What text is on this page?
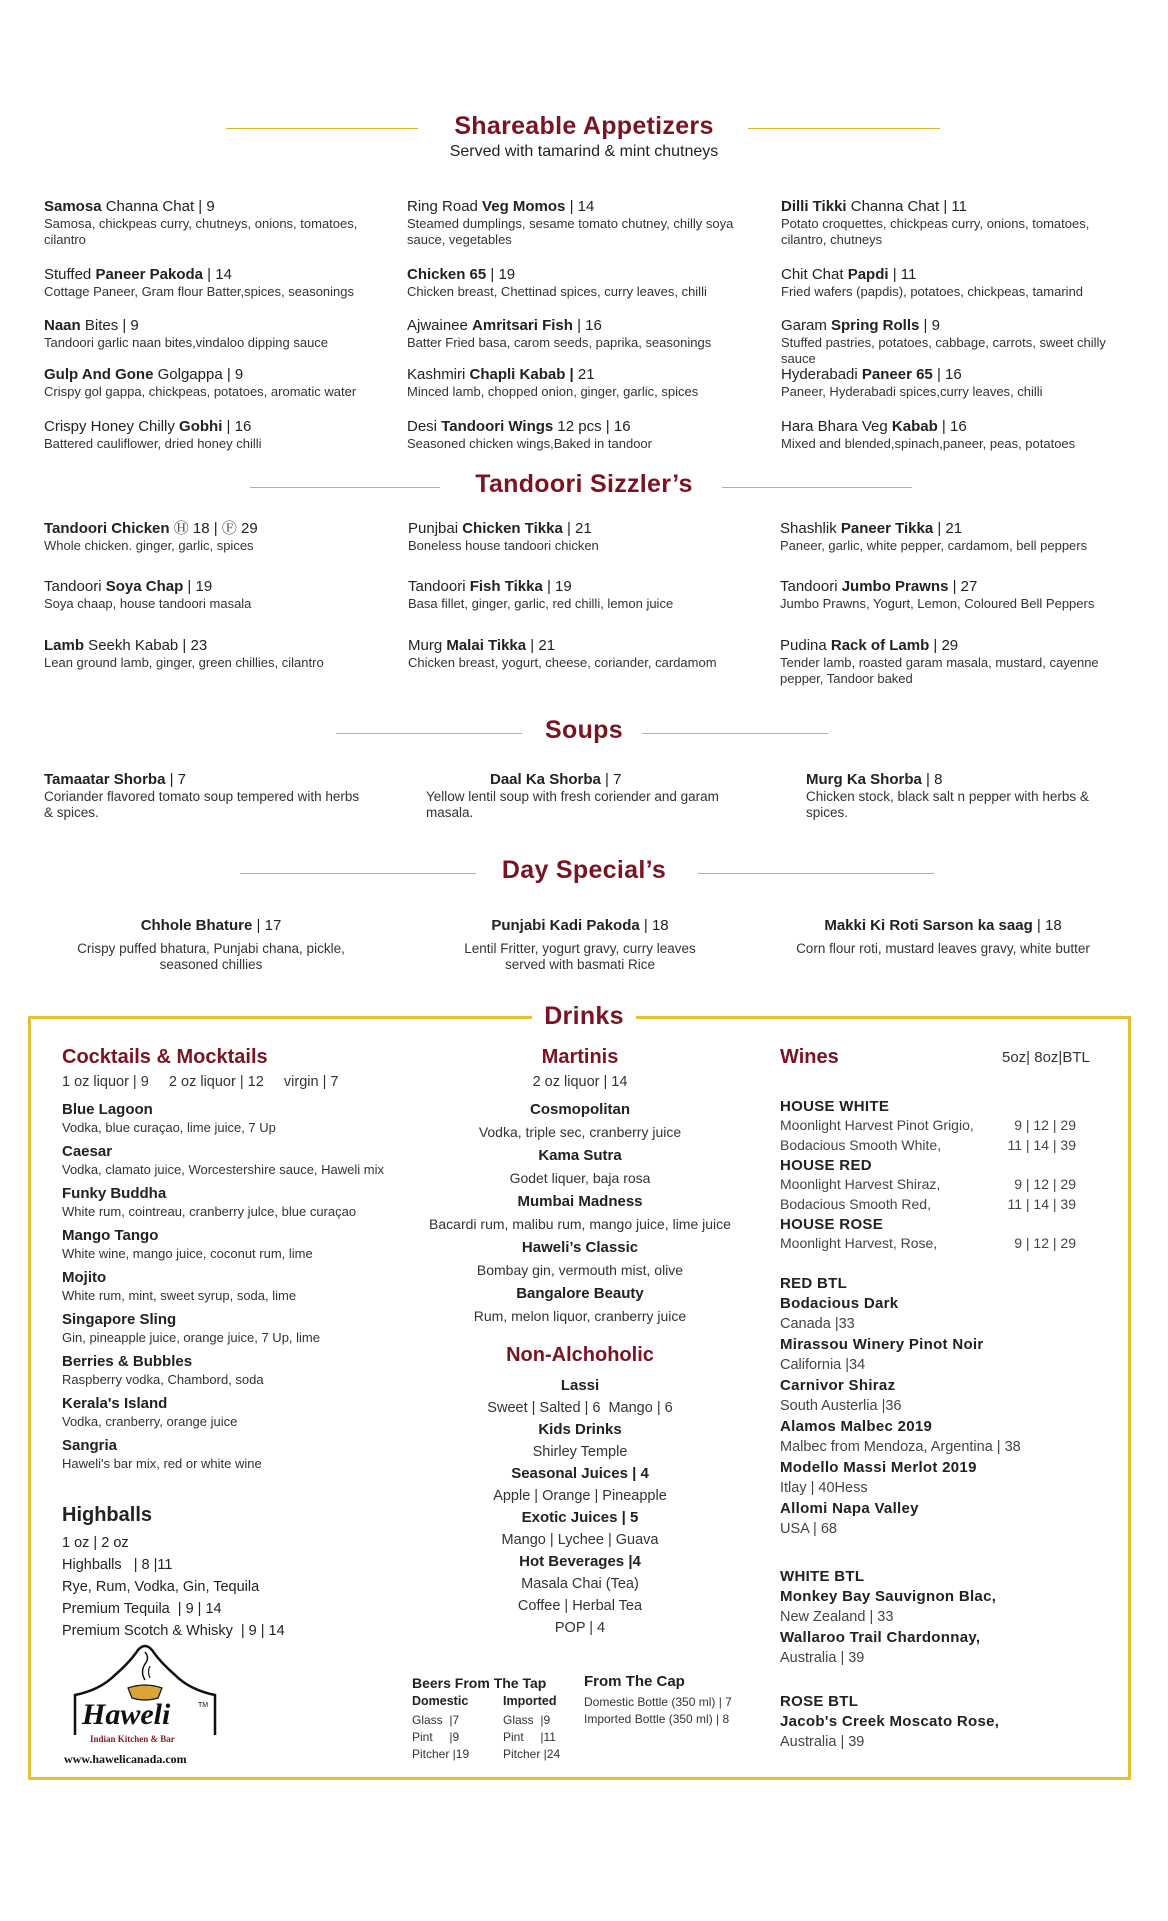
Shareable Appetizers
Served with tamarind & mint chutneys
Tandoori Sizzler’s
Soups
Day Special’s
Drinks
Cocktails & Mocktails
1 oz liquor | 9     2 oz liquor | 12     virgin | 7
Blue Lagoon
Vodka, blue curaçao, lime juice, 7 Up
Caesar
Vodka, clamato juice, Worcestershire sauce, Haweli mix
Funky Buddha
White rum, cointreau, cranberry julce, blue curaçao
Mango Tango
White wine, mango juice, coconut rum, lime
Mojito
White rum, mint, sweet syrup, soda, lime
Singapore Sling
Gin, pineapple juice, orange juice, 7 Up, lime
Berries & Bubbles
Raspberry vodka, Chambord, soda
Kerala's Island
Vodka, cranberry, orange juice
Sangria
Haweli's bar mix, red or white wine
Highballs
1 oz | 2 oz
Highballs   | 8 |11
Rye, Rum, Vodka, Gin, Tequila
Premium Tequila  | 9 | 14
Premium Scotch & Whisky  | 9 | 14
Haweli	TM
Indian Kitchen & Bar
www.hawelicanada.com
Martinis
2 oz liquor | 14
Cosmopolitan
Vodka, triple sec, cranberry juice
Kama Sutra
Godet liquer, baja rosa
Mumbai Madness
Bacardi rum, malibu rum, mango juice, lime juice
Haweli’s Classic
Bombay gin, vermouth mist, olive
Bangalore Beauty
Rum, melon liquor, cranberry juice
Non-Alchoholic
Lassi
Sweet | Salted | 6  Mango | 6
Kids Drinks
Shirley Temple
Seasonal Juices | 4
Apple | Orange | Pineapple
Exotic Juices | 5
Mango | Lychee | Guava
Hot Beverages |4
Masala Chai (Tea)
Coffee | Herbal Tea
POP | 4
Beers From The Tap
Domestic
Glass  |7
Pint     |9
Pitcher |19
Imported
Glass  |9
Pint     |11
Pitcher |24
From The Cap
Domestic Bottle (350 ml) | 7
Imported Bottle (350 ml) | 8
Wines	5oz| 8oz|BTL
HOUSE WHITE
Moonlight Harvest Pinot Grigio,	9 | 12 | 29
Bodacious Smooth White,	11 | 14 | 39
HOUSE RED
Moonlight Harvest Shiraz,	9 | 12 | 29
Bodacious Smooth Red,	11 | 14 | 39
HOUSE ROSE
Moonlight Harvest, Rose,	9 | 12 | 29
RED BTL
Bodacious Dark
Canada |33
Mirassou Winery Pinot Noir
California |34
Carnivor Shiraz
South Austerlia |36
Alamos Malbec 2019
Malbec from Mendoza, Argentina | 38
Modello Massi Merlot 2019
Itlay | 40Hess
Allomi Napa Valley
USA | 68
WHITE BTL
Monkey Bay Sauvignon Blac,
New Zealand | 33
Wallaroo Trail Chardonnay,
Australia | 39
ROSE BTL
Jacob's Creek Moscato Rose,
Australia | 39
Samosa Channa Chat | 9
Samosa, chickpeas curry, chutneys, onions, tomatoes, cilantro
Stuffed Paneer Pakoda | 14
Cottage Paneer, Gram flour Batter,spices, seasonings
Naan Bites | 9
Tandoori garlic naan bites,vindaloo dipping sauce
Gulp And Gone Golgappa | 9
Crispy gol gappa, chickpeas, potatoes, aromatic water
Crispy Honey Chilly Gobhi | 16
Battered cauliflower, dried honey chilli
Ring Road Veg Momos | 14
Steamed dumplings, sesame tomato chutney, chilly soya sauce, vegetables
Chicken 65 | 19
Chicken breast, Chettinad spices, curry leaves, chilli
Ajwainee Amritsari Fish | 16
Batter Fried basa, carom seeds, paprika, seasonings
Kashmiri Chapli Kabab | 21
Minced lamb, chopped onion, ginger, garlic, spices
Desi Tandoori Wings 12 pcs | 16
Seasoned chicken wings,Baked in tandoor
Dilli Tikki Channa Chat | 11
Potato croquettes, chickpeas curry, onions, tomatoes, cilantro, chutneys
Chit Chat Papdi | 11
Fried wafers (papdis), potatoes, chickpeas, tamarind
Garam Spring Rolls | 9
Stuffed pastries, potatoes, cabbage, carrots, sweet chilly sauce
Hyderabadi Paneer 65 | 16
Paneer, Hyderabadi spices,curry leaves, chilli
Hara Bhara Veg Kabab | 16
Mixed and blended,spinach,paneer, peas, potatoes
Tandoori Chicken Ⓗ 18 | Ⓕ 29
Whole chicken. ginger, garlic, spices
Tandoori Soya Chap | 19
Soya chaap, house tandoori masala
Lamb Seekh Kabab | 23
Lean ground lamb, ginger, green chillies, cilantro
Punjbai Chicken Tikka | 21
Boneless house tandoori chicken
Tandoori Fish Tikka | 19
Basa fillet, ginger, garlic, red chilli, lemon juice
Murg Malai Tikka | 21
Chicken breast, yogurt, cheese, coriander, cardamom
Shashlik Paneer Tikka | 21
Paneer, garlic, white pepper, cardamom, bell peppers
Tandoori Jumbo Prawns | 27
Jumbo Prawns, Yogurt, Lemon, Coloured Bell Peppers
Pudina Rack of Lamb | 29
Tender lamb, roasted garam masala, mustard, cayenne pepper, Tandoor baked
Tamaatar Shorba | 7
Coriander flavored tomato soup tempered with herbs & spices.
Daal Ka Shorba | 7
Yellow lentil soup with fresh coriender and garam masala.
Murg Ka Shorba | 8
Chicken stock, black salt n pepper with herbs & spices.
Chhole Bhature | 17
Crispy puffed bhatura, Punjabi chana, pickle,
seasoned chillies
Punjabi Kadi Pakoda | 18
Lentil Fritter, yogurt gravy, curry leaves
served with basmati Rice
Makki Ki Roti Sarson ka saag | 18
Corn flour roti, mustard leaves gravy, white butter
